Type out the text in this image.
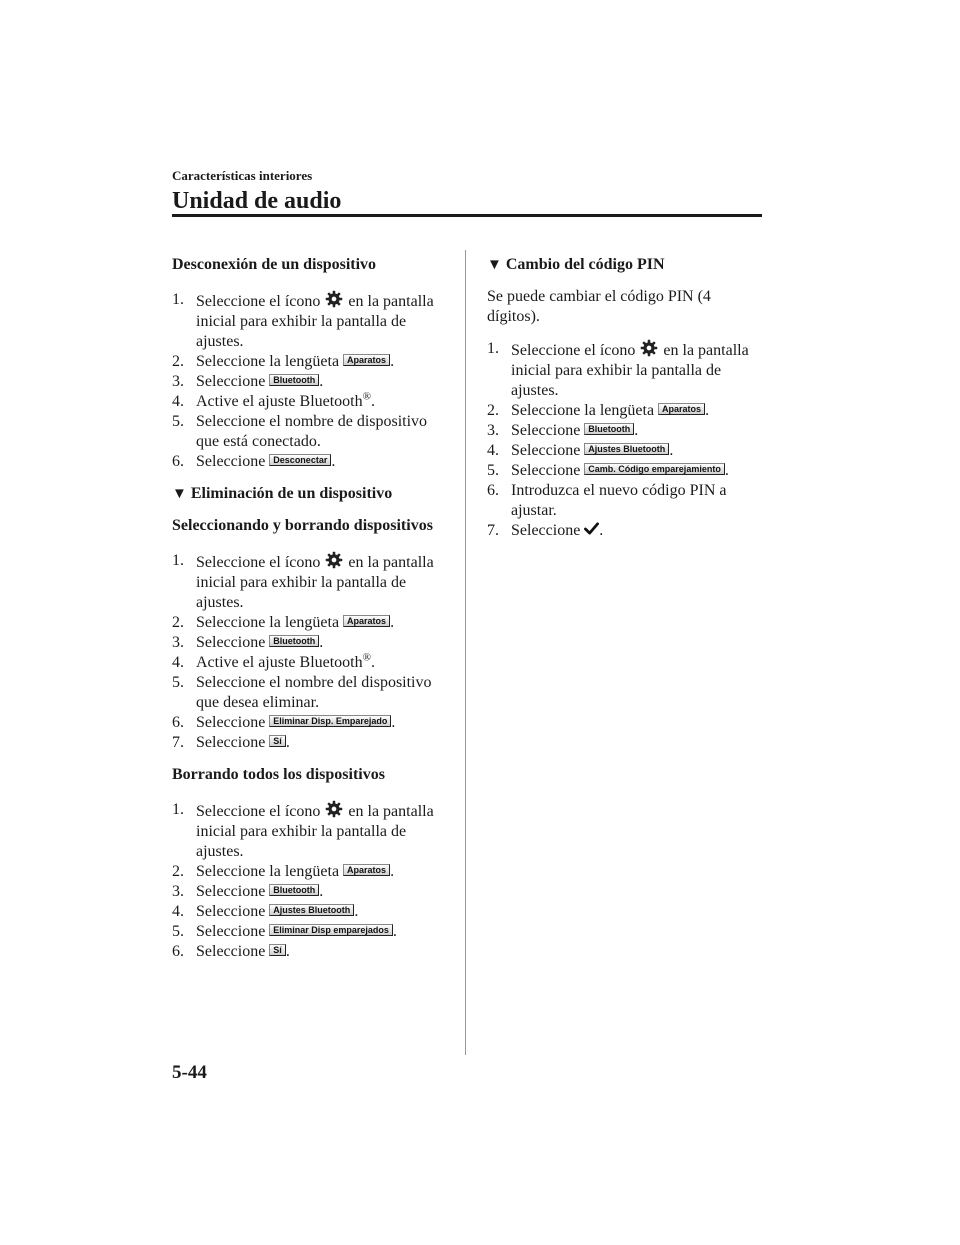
Características interiores

Unidad de audio

Desconexión de un dispositivo

1. Seleccione el ícono en la pantalla inicial para exhibir la pantalla de ajustes.
2. Seleccione la lengüeta Aparatos .
3. Seleccione Bluetooth .
4. Active el ajuste Bluetooth®.
5. Seleccione el nombre de dispositivo que está conectado.
6. Seleccione Desconectar .

▼ Eliminación de un dispositivo

Seleccionando y borrando dispositivos

1. Seleccione el ícono en la pantalla inicial para exhibir la pantalla de ajustes.
2. Seleccione la lengüeta Aparatos .
3. Seleccione Bluetooth .
4. Active el ajuste Bluetooth®.
5. Seleccione el nombre del dispositivo que desea eliminar.
6. Seleccione Eliminar Disp. Emparejado .
7. Seleccione Sí .

Borrando todos los dispositivos

1. Seleccione el ícono en la pantalla inicial para exhibir la pantalla de ajustes.
2. Seleccione la lengüeta Aparatos .
3. Seleccione Bluetooth .
4. Seleccione Ajustes Bluetooth .
5. Seleccione Eliminar Disp emparejados .
6. Seleccione Sí .

▼ Cambio del código PIN

Se puede cambiar el código PIN (4 dígitos).

1. Seleccione el ícono en la pantalla inicial para exhibir la pantalla de ajustes.
2. Seleccione la lengüeta Aparatos .
3. Seleccione Bluetooth .
4. Seleccione Ajustes Bluetooth .
5. Seleccione Camb. Código emparejamiento .
6. Introduzca el nuevo código PIN a ajustar.
7. Seleccione .

5-44
